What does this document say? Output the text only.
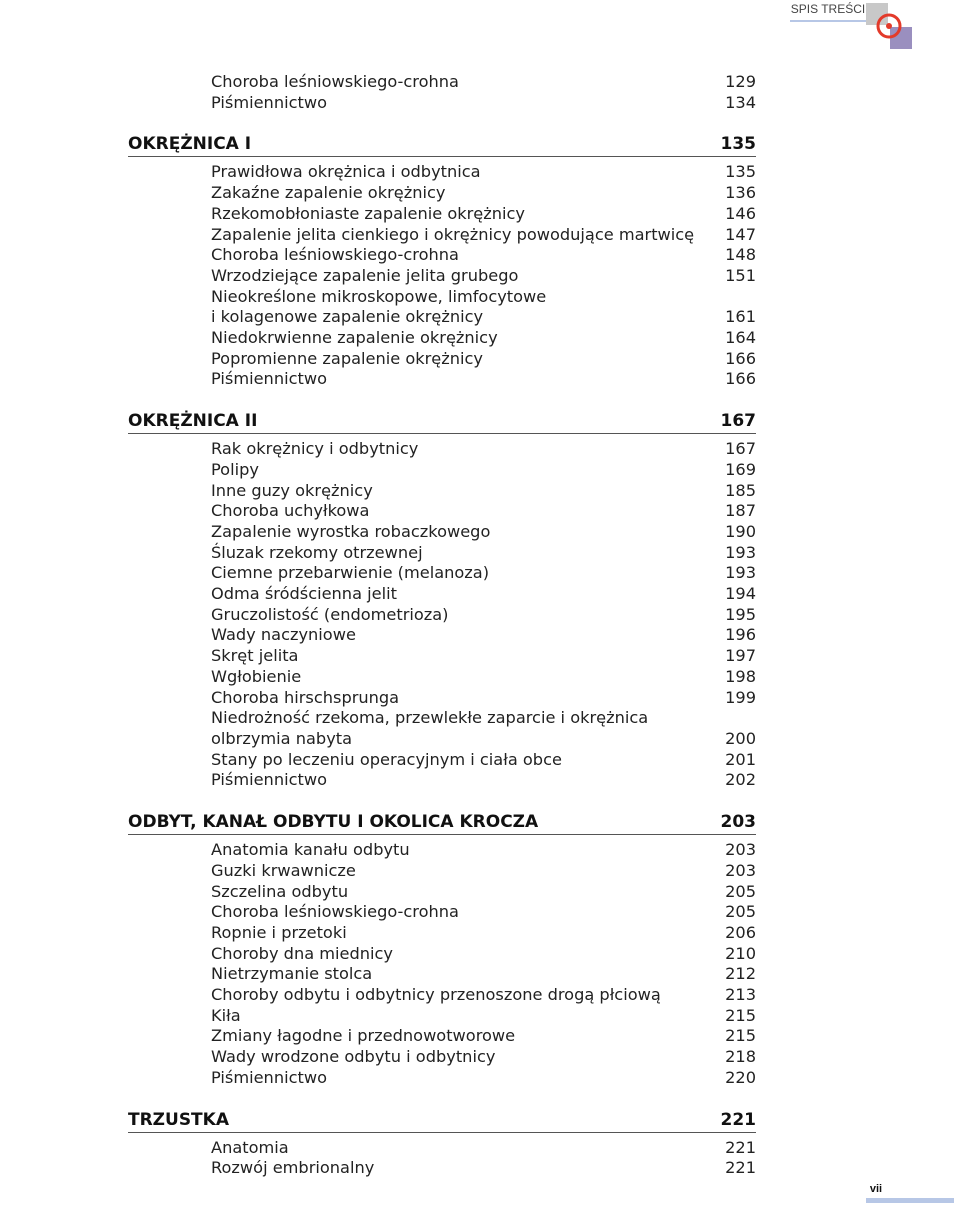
SPIS TREŚCI
Choroba leśniowskiego-crohna	129
Piśmiennictwo	134
OKRĘŻNICA I	135
Prawidłowa okrężnica i odbytnica	135
Zakaźne zapalenie okrężnicy	136
Rzekomobłoniaste zapalenie okrężnicy	146
Zapalenie jelita cienkiego i okrężnicy powodujące martwicę 147
Choroba leśniowskiego-crohna	148
Wrzodziejące zapalenie jelita grubego	151
Nieokreślone mikroskopowe, limfocytowe
i kolagenowe zapalenie okrężnicy	161
Niedokrwienne zapalenie okrężnicy	164
Popromienne zapalenie okrężnicy	166
Piśmiennictwo	166
OKRĘŻNICA II	167
Rak okrężnicy i odbytnicy	167
Polipy	169
Inne guzy okrężnicy	185
Choroba uchyłkowa	187
Zapalenie wyrostka robaczkowego	190
Śluzak rzekomy otrzewnej	193
Ciemne przebarwienie (melanoza)	193
Odma śródścienna jelit	194
Gruczolistość (endometrioza)	195
Wady naczyniowe	196
Skręt jelita	197
Wgłobienie	198
Choroba hirschsprunga	199
Niedrożność rzekoma, przewlekłe zaparcie i okrężnica
olbrzymia nabyta	200
Stany po leczeniu operacyjnym i ciała obce	201
Piśmiennictwo	202
ODBYT, KANAŁ ODBYTU I OKOLICA KROCZA	203
Anatomia kanału odbytu	203
Guzki krwawnicze	203
Szczelina odbytu	205
Choroba leśniowskiego-crohna	205
Ropnie i przetoki	206
Choroby dna miednicy	210
Nietrzymanie stolca	212
Choroby odbytu i odbytnicy przenoszone drogą płciową	213
Kiła	215
Zmiany łagodne i przednowotworowe	215
Wady wrodzone odbytu i odbytnicy	218
Piśmiennictwo	220
TRZUSTKA	221
Anatomia	221
Rozwój embrionalny	221
vii
